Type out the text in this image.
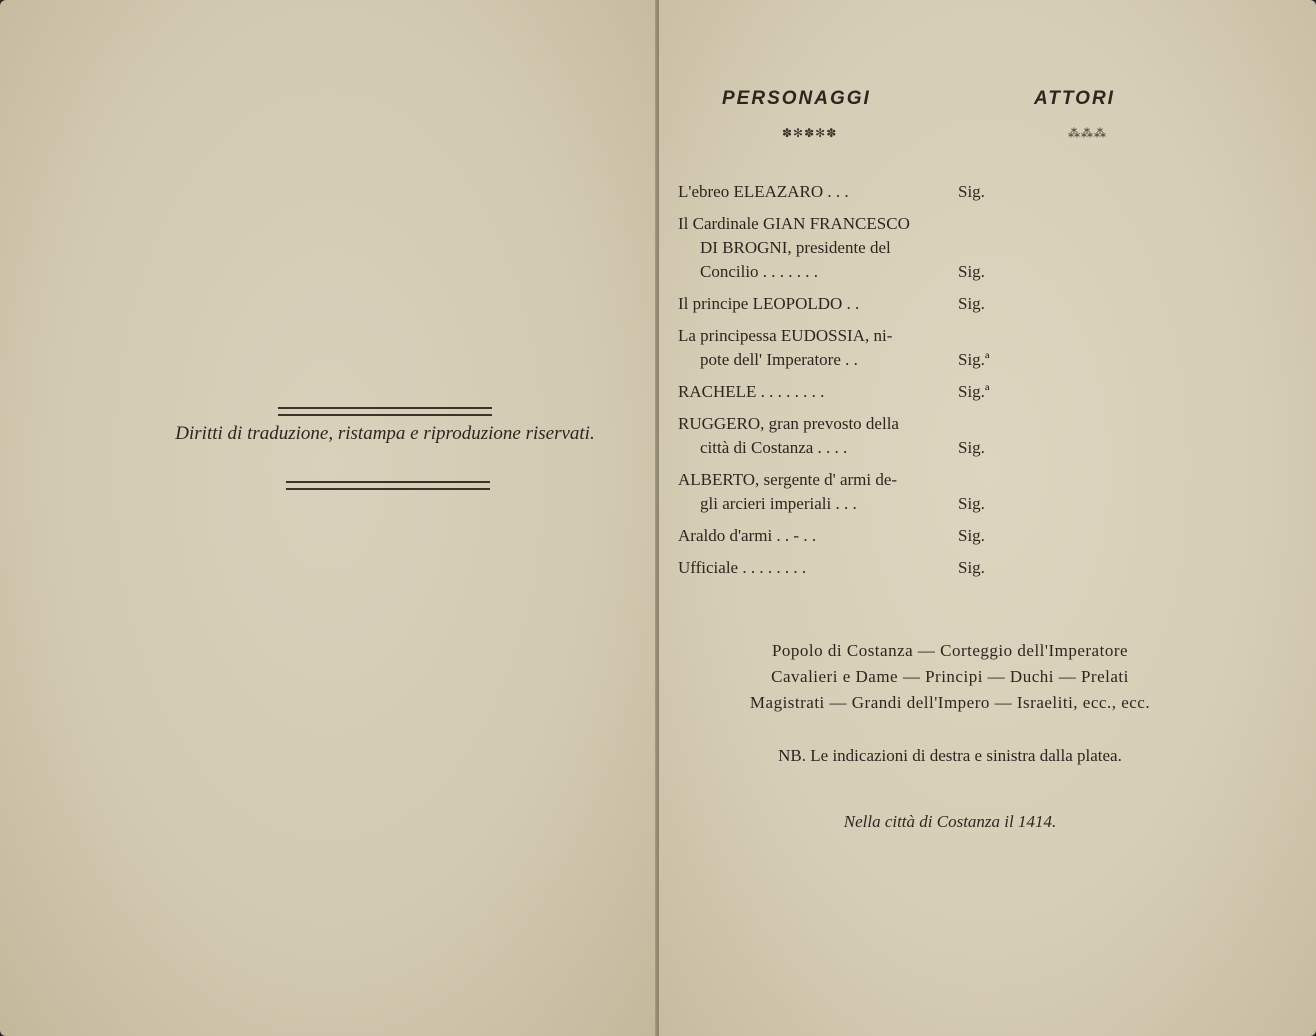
Diritti di traduzione, ristampa e riproduzione riservati.
PERSONAGGI	ATTORI
✽✻✽✻✽	⁂⁂⁂
L'ebreo ELEAZARO . . .	Sig.
Il Cardinale GIAN FRANCESCO
DI BROGNI, presidente del
Concilio . . . . . . .	Sig.
Il principe LEOPOLDO . .	Sig.
La principessa EUDOSSIA, ni-
pote dell' Imperatore . .	Sig.ª
RACHELE . . . . . . . .	Sig.ª
RUGGERO, gran prevosto della
città di Costanza . . . .	Sig.
ALBERTO, sergente d' armi de-
gli arcieri imperiali . . .	Sig.
Araldo d'armi . . - . .	Sig.
Ufficiale . . . . . . . .	Sig.
Popolo di Costanza — Corteggio dell'Imperatore
Cavalieri e Dame — Principi — Duchi — Prelati
Magistrati — Grandi dell'Impero — Israeliti, ecc., ecc.
NB. Le indicazioni di destra e sinistra dalla platea.
Nella città di Costanza il 1414.
